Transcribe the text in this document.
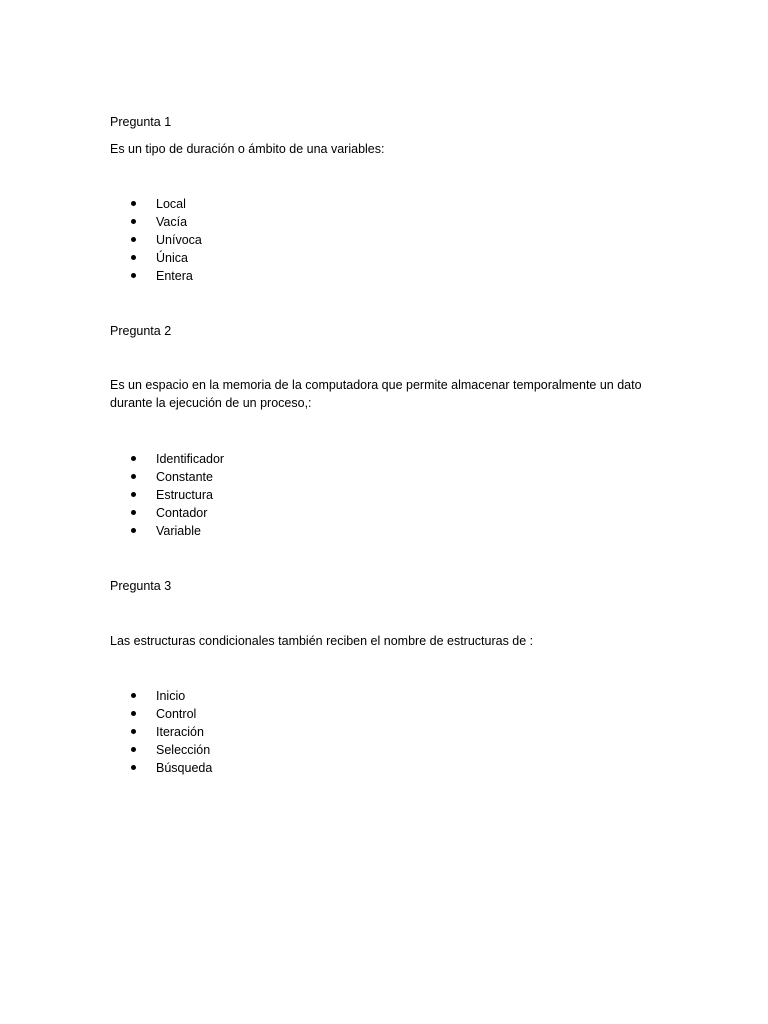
Pregunta 1
Es un tipo de duración o ámbito de una variables:
Local
Vacía
Unívoca
Única
Entera
Pregunta 2
Es un espacio en la memoria de la computadora que permite almacenar temporalmente un dato durante la ejecución de un proceso,:
Identificador
Constante
Estructura
Contador
Variable
Pregunta 3
Las estructuras condicionales también reciben el nombre de estructuras de :
Inicio
Control
Iteración
Selección
Búsqueda
